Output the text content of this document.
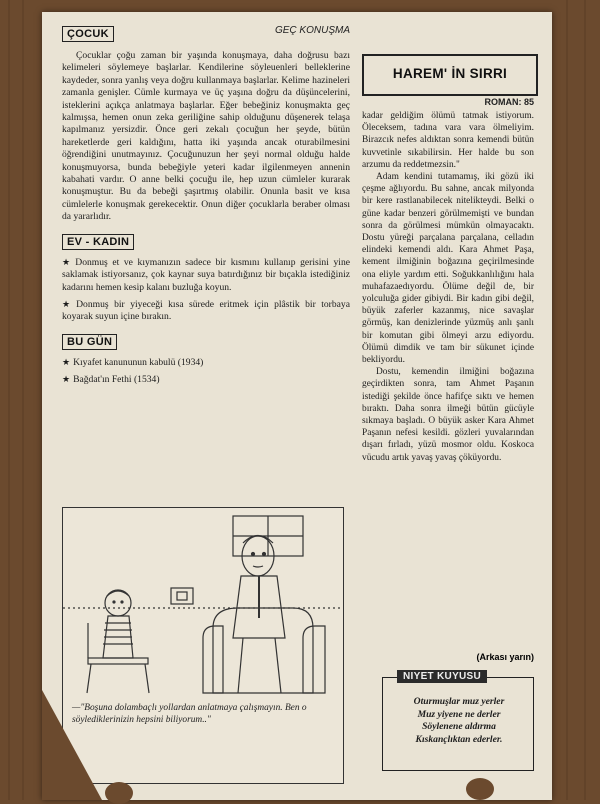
ÇOCUK	GEÇ KONUŞMA

Çocuklar çoğu zaman bir yaşında konuşmaya, daha doğrusu bazı kelimeleri söylemeye başlarlar. Kendilerine söyleuenleri belleklerine kaydeder, sonra yanlış veya doğru kullanmaya başlarlar. Kelime hazineleri zamanla genişler. Cümle kurmaya ve üç yaşına doğru da düşüncelerini, isteklerini açıkça anlatmaya başlarlar. Eğer bebeğiniz konuşmakta geç kalmışsa, hemen onun zeka geriliğine sahip olduğunu düşenerek telaşa kapılmanız yersizdir. Önce geri zekalı çocuğun her şeyde, bütün hareketlerde geri kaldığını, hatta iki yaşında ancak oturabilmesini öğrendiğini unutmayınız. Çocuğunuzun her şeyi normal olduğu halde konuşmuyorsa, bunda bebeğiyle yeteri kadar ilgilenmeyen annenin kabahati vardır. O anne belki çocuğu ile, hep uzun cümleler kurarak konuşmuştur. Bu da bebeği şaşırtmış olabilir. Onunla basit ve kısa cümlelerle konuşmak gerekecektir. Onun diğer çocuklarla beraber olması da yararlıdır.

EV - KADIN
★ Donmuş et ve kıymanızın sadece bir kısmını kullanıp gerisini yine saklamak istiyorsanız, çok kaynar suya batırdığınız bir bıçakla istediğiniz kadarını hemen kesip kalanı buzluğa koyun.
★ Donmuş bir yiyeceği kısa sürede eritmek için plâstik bir torbaya koyarak suyun içine bırakın.
BU GÜN
★ Kıyafet kanununun kabulü (1934)
★ Bağdat'ın Fethi (1534)
—"Boşuna dolambaçlı yollardan anlatmaya çalışmayın. Ben o söylediklerinizin hepsini biliyorum.."
HAREM' İN SIRRI
ROMAN: 85

kadar geldiğim ölümü tatmak istiyorum. Öleceksem, tadına vara vara ölmeliyim. Birazcık nefes aldıktan sonra kemendi bütün kuvvetinle sıkabilirsin. Her halde bu son arzumu da reddetmezsin."

Adam kendini tutamamış, iki gözü iki çeşme ağlıyordu. Bu sahne, ancak milyonda bir kere rastlanabilecek nitelikteydi. Belki o güne kadar benzeri görülmemişti ve bundan sonra da görülmesi mümkün olmayacaktı. Dostu yüreği parçalana parçalana, celladın elindeki kemendi aldı. Kara Ahmet Paşa, kement ilmiğinin boğazına geçirilmesinde ona eliyle yardım etti. Soğukkanlılığını hala muhafazaedıyordu. Ölüme değil de, bir yolculuğa gider gibiydi. Bir kadın gibi değil, büyük zaferler kazanmış, nice savaşlar görmüş, kan denizlerinde yüzmüş anlı şanlı bir komutan gibi ölmeyi arzu ediyordu. Ölümü dimdik ve tam bir sükunet içinde bekliyordu.

Dostu, kemendin ilmiğini boğazına geçirdikten sonra, tam Ahmet Paşanın istediği şekilde önce hafifçe sıktı ve hemen bıraktı. Daha sonra ilmeği bütün gücüyle sıkmaya başladı. O büyük asker Kara Ahmet Paşanın nefesi kesildi. gözleri yuvalarından dışarı fırladı, yüzü mosmor oldu. Koskoca vücudu artık yavaş yavaş çöküyordu.

(Arkası yarın)
NIYET KUYUSU
Oturmuşlar muz yerler
Muz yiyene ne derler
Söylenene aldırma
Kıskançlıktan ederler.
